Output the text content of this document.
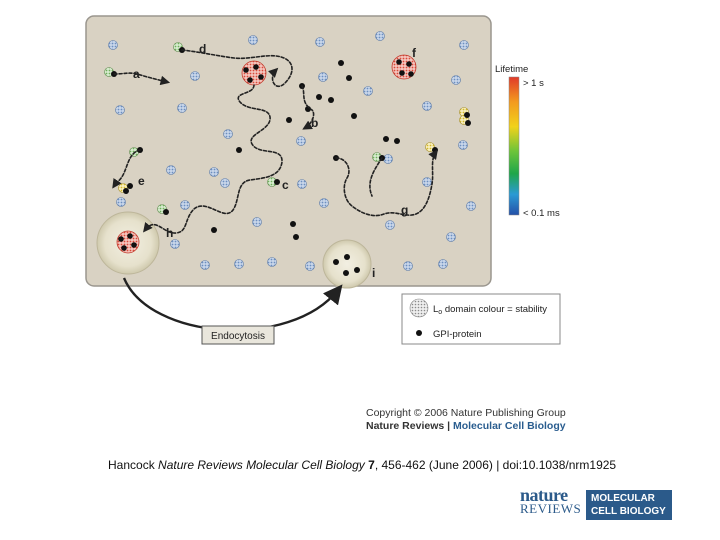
Endocytosis
a
b
c
d
e
f
g
h
i
Lifetime
> 1 s
< 0.1 ms
$L_o$ domain colour = stability
GPI-protein
Copyright © 2006 Nature Publishing Group
Nature Reviews | Molecular Cell Biology
Hancock Nature Reviews Molecular Cell Biology 7, 456-462 (June 2006) | doi:10.1038/nrm1925
nature
REVIEWS
MOLECULAR
CELL BIOLOGY
